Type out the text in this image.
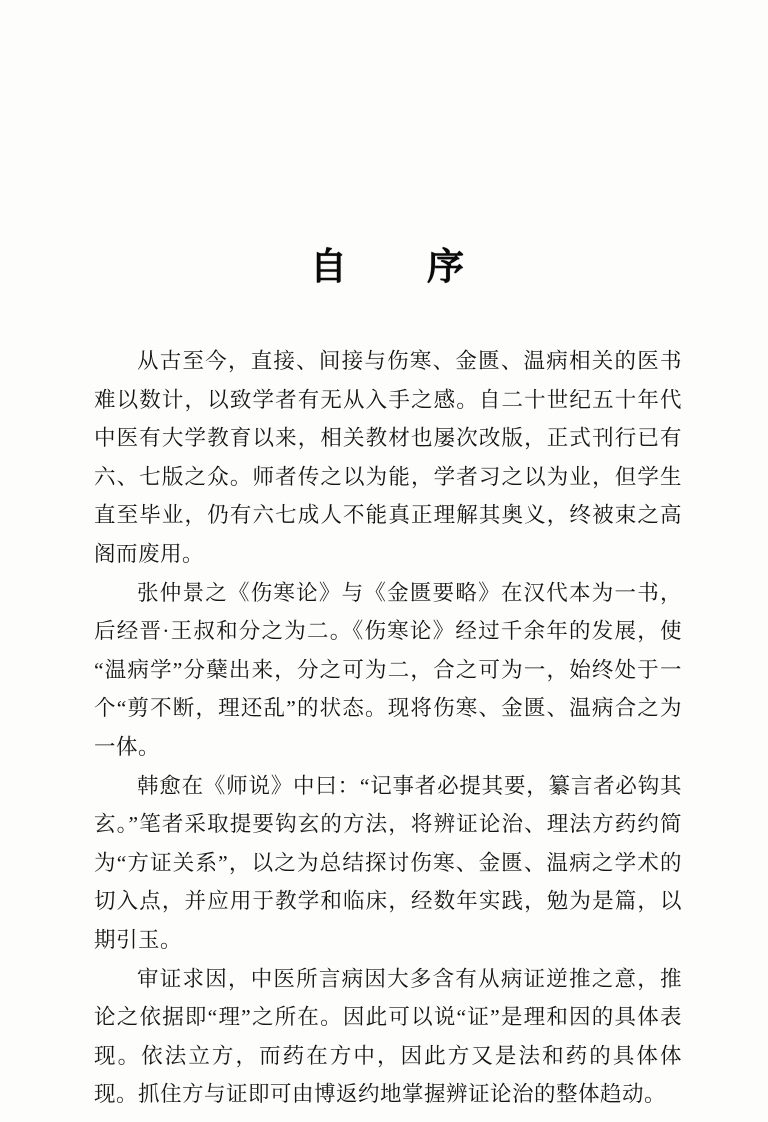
自　　序

从古至今，直接、间接与伤寒、金匮、温病相关的医书难以数计，以致学者有无从入手之感。自二十世纪五十年代中医有大学教育以来，相关教材也屡次改版，正式刊行已有六、七版之众。师者传之以为能，学者习之以为业，但学生直至毕业，仍有六七成人不能真正理解其奥义，终被束之高阁而废用。

张仲景之《伤寒论》与《金匮要略》在汉代本为一书，后经晋·王叔和分之为二。《伤寒论》经过千余年的发展，使“温病学”分蘖出来，分之可为二，合之可为一，始终处于一个“剪不断，理还乱”的状态。现将伤寒、金匮、温病合之为一体。

韩愈在《师说》中曰：“记事者必提其要，纂言者必钩其玄。”笔者采取提要钩玄的方法，将辨证论治、理法方药约简为“方证关系”，以之为总结探讨伤寒、金匮、温病之学术的切入点，并应用于教学和临床，经数年实践，勉为是篇，以期引玉。

审证求因，中医所言病因大多含有从病证逆推之意，推论之依据即“理”之所在。因此可以说“证”是理和因的具体表现。依法立方，而药在方中，因此方又是法和药的具体体现。抓住方与证即可由博返约地掌握辨证论治的整体趋动。
